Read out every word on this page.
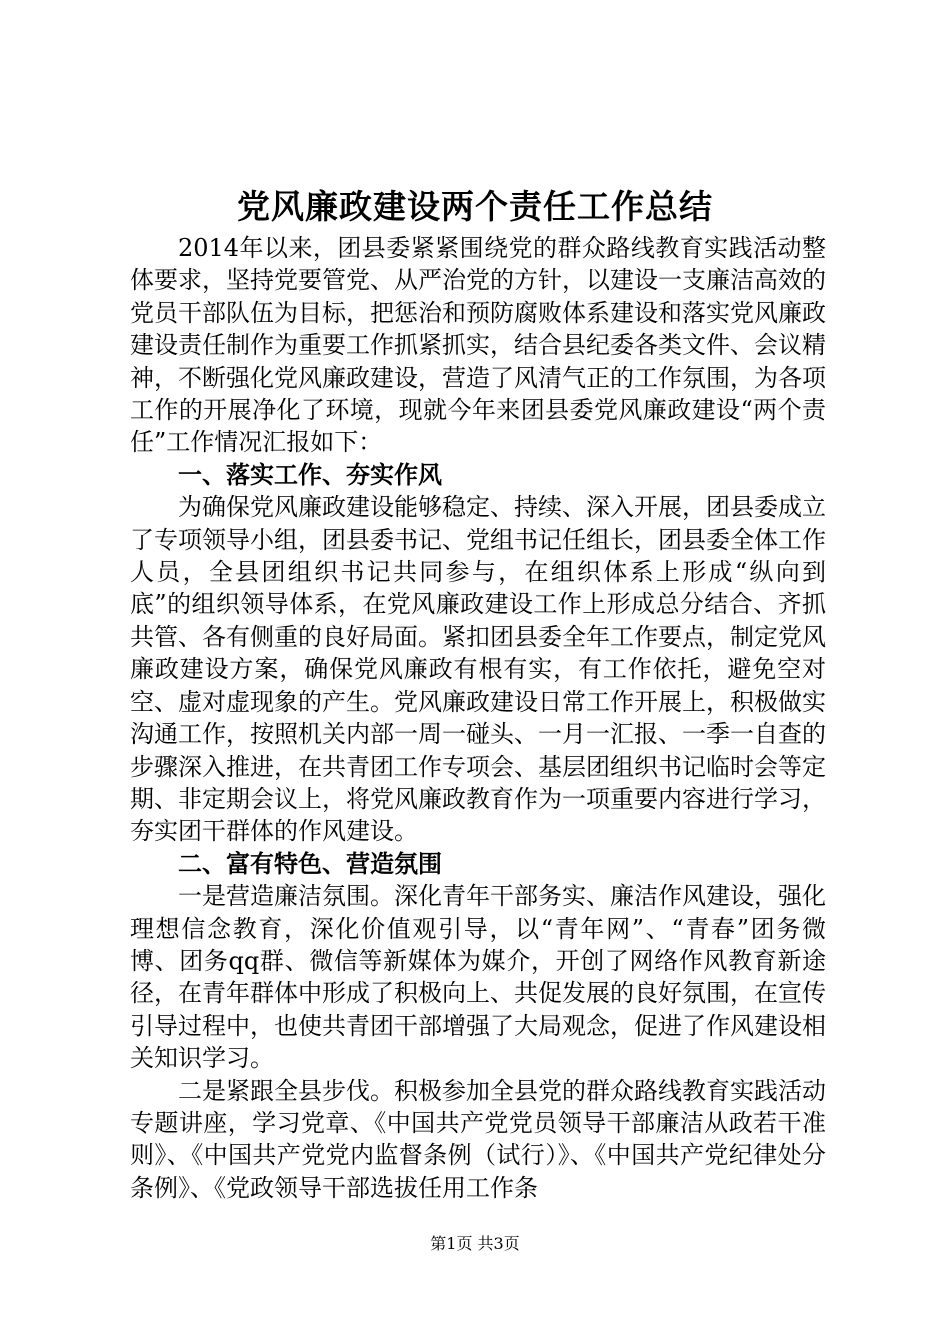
党风廉政建设两个责任工作总结

2014年以来，团县委紧紧围绕党的群众路线教育实践活动整体要求，坚持党要管党、从严治党的方针，以建设一支廉洁高效的党员干部队伍为目标，把惩治和预防腐败体系建设和落实党风廉政建设责任制作为重要工作抓紧抓实，结合县纪委各类文件、会议精神，不断强化党风廉政建设，营造了风清气正的工作氛围，为各项工作的开展净化了环境，现就今年来团县委党风廉政建设“两个责任”工作情况汇报如下：

一、落实工作、夯实作风

为确保党风廉政建设能够稳定、持续、深入开展，团县委成立了专项领导小组，团县委书记、党组书记任组长，团县委全体工作人员，全县团组织书记共同参与，在组织体系上形成“纵向到底”的组织领导体系，在党风廉政建设工作上形成总分结合、齐抓共管、各有侧重的良好局面。紧扣团县委全年工作要点，制定党风廉政建设方案，确保党风廉政有根有实，有工作依托，避免空对空、虚对虚现象的产生。党风廉政建设日常工作开展上，积极做实沟通工作，按照机关内部一周一碰头、一月一汇报、一季一自查的步骤深入推进，在共青团工作专项会、基层团组织书记临时会等定期、非定期会议上，将党风廉政教育作为一项重要内容进行学习，夯实团干群体的作风建设。

二、富有特色、营造氛围

一是营造廉洁氛围。深化青年干部务实、廉洁作风建设，强化理想信念教育，深化价值观引导，以“青年网”、“青春”团务微博、团务qq群、微信等新媒体为媒介，开创了网络作风教育新途径，在青年群体中形成了积极向上、共促发展的良好氛围，在宣传引导过程中，也使共青团干部增强了大局观念，促进了作风建设相关知识学习。

二是紧跟全县步伐。积极参加全县党的群众路线教育实践活动专题讲座，学习党章、《中国共产党党员领导干部廉洁从政若干准则》、《中国共产党党内监督条例（试行）》、《中国共产党纪律处分条例》、《党政领导干部选拔任用工作条

第1页 共3页
